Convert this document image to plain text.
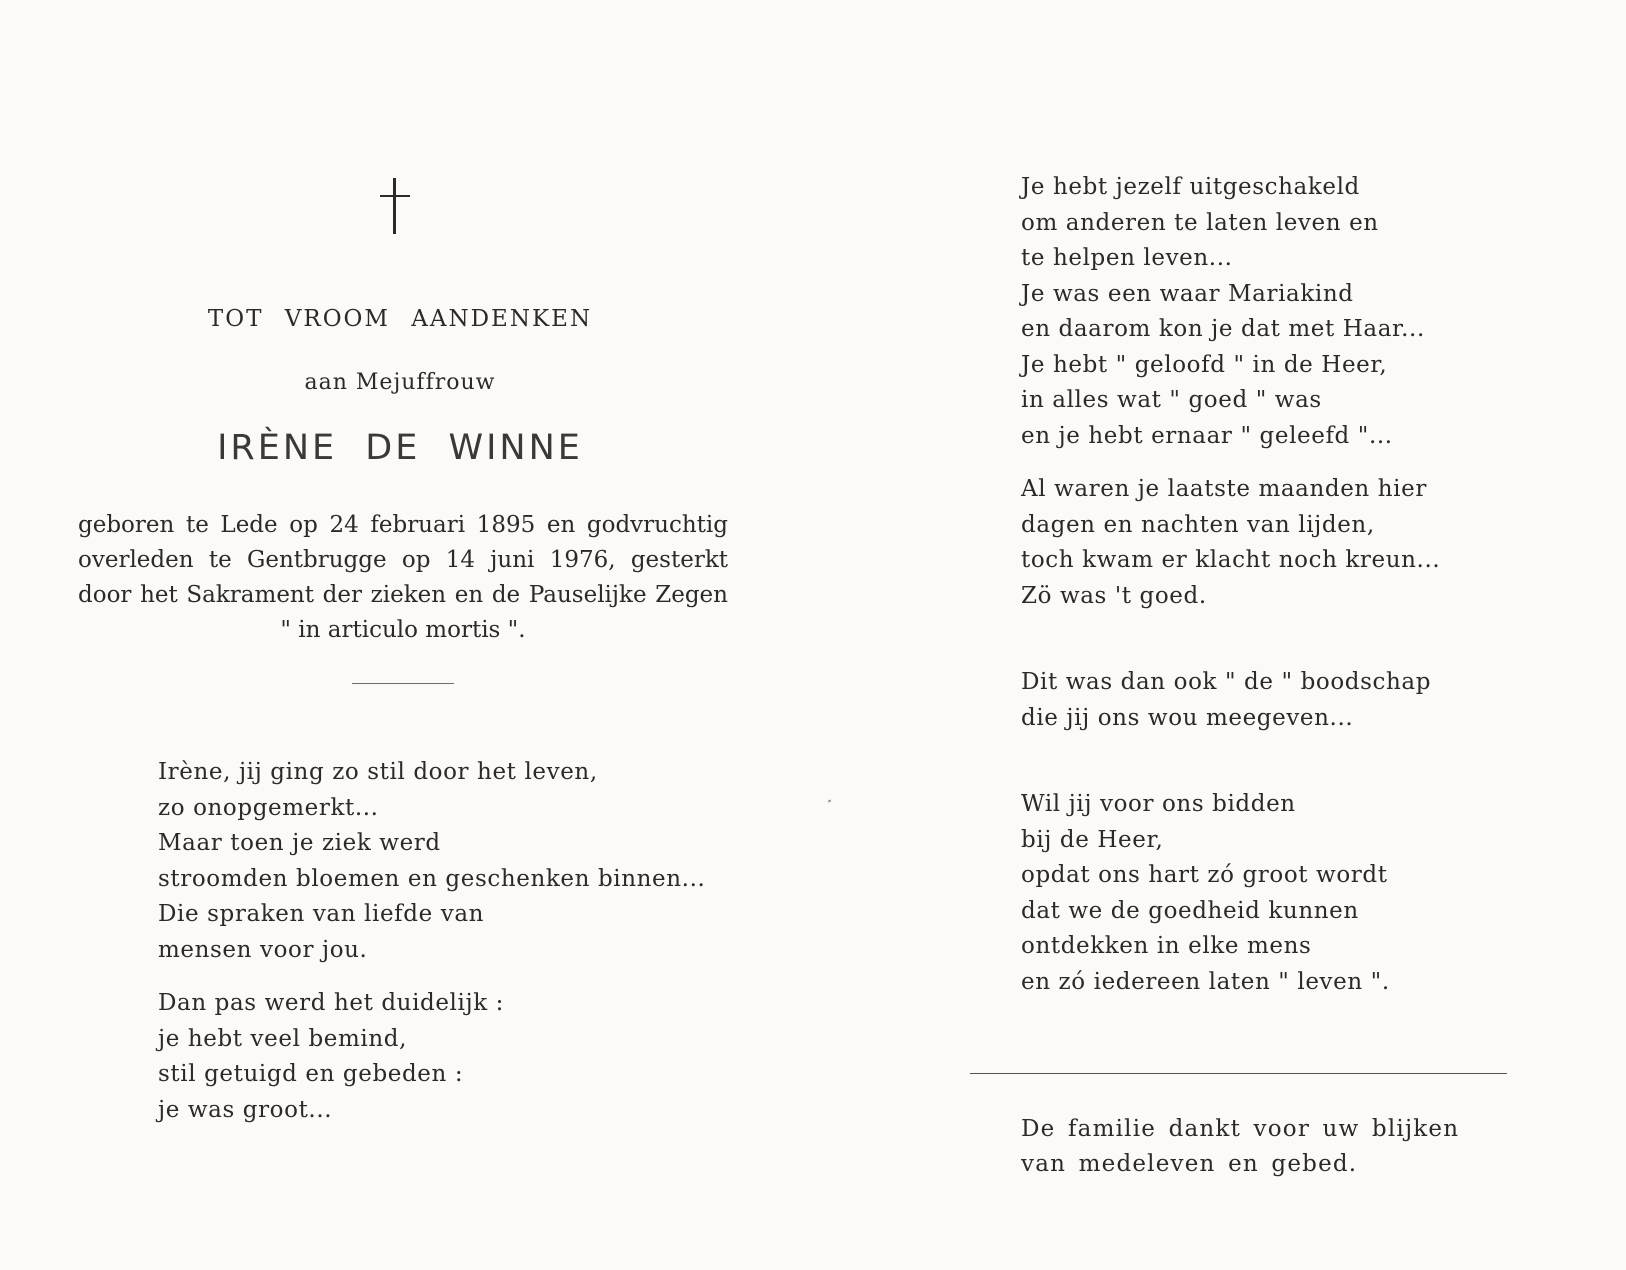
TOT VROOM AANDENKEN
aan Mejuffrouw
IRÈNE DE WINNE
geboren te Lede op 24 februari 1895 en godvruchtig
overleden te Gentbrugge op 14 juni 1976, gesterkt
door het Sakrament der zieken en de Pauselijke Zegen
" in articulo mortis ".
Irène, jij ging zo stil door het leven,
zo onopgemerkt...
Maar toen je ziek werd
stroomden bloemen en geschenken binnen...
Die spraken van liefde van
mensen voor jou.
Dan pas werd het duidelijk :
je hebt veel bemind,
stil getuigd en gebeden :
je was groot...
Je hebt jezelf uitgeschakeld
om anderen te laten leven en
te helpen leven...
Je was een waar Mariakind
en daarom kon je dat met Haar...
Je hebt " geloofd " in de Heer,
in alles wat " goed " was
en je hebt ernaar " geleefd "...
Al waren je laatste maanden hier
dagen en nachten van lijden,
toch kwam er klacht noch kreun...
Zö was 't goed.
Dit was dan ook " de " boodschap
die jij ons wou meegeven...
Wil jij voor ons bidden
bij de Heer,
opdat ons hart zó groot wordt
dat we de goedheid kunnen
ontdekken in elke mens
en zó iedereen laten " leven ".
De familie dankt voor uw blijken
van medeleven en gebed.
